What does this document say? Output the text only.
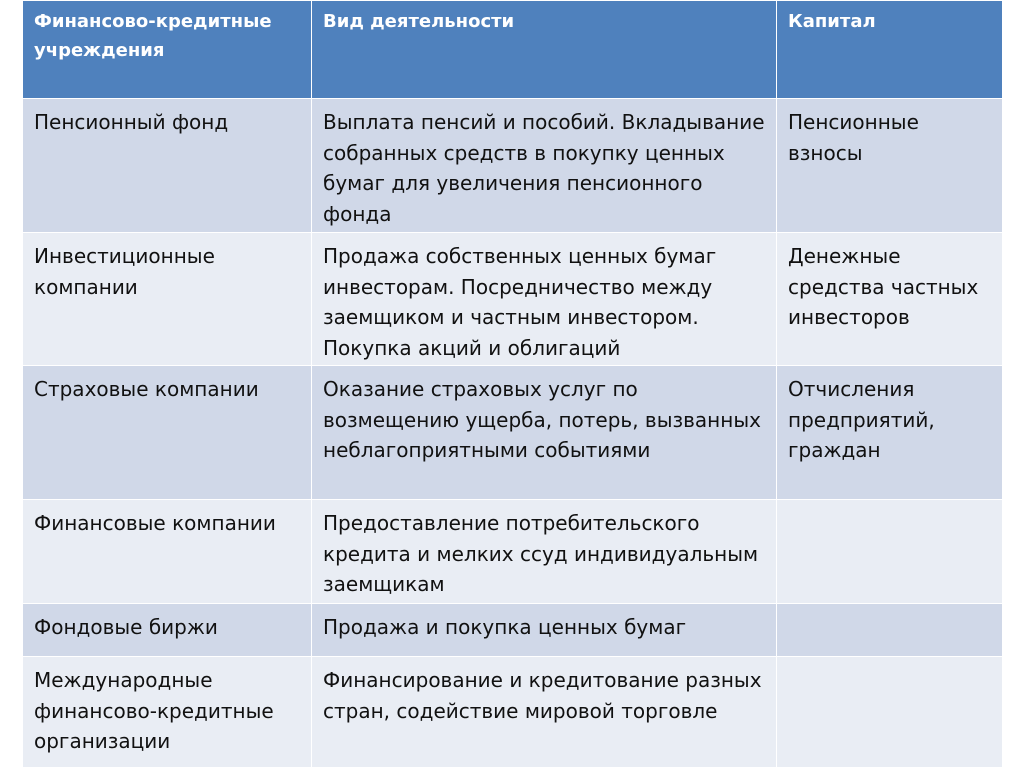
Финансово-кредитные учреждения	Вид деятельности	Капитал
Пенсионный фонд	Выплата пенсий и пособий. Вкладывание собранных средств в покупку ценных бумаг для увеличения пенсионного фонда	Пенсионные взносы
Инвестиционные компании	Продажа собственных ценных бумаг инвесторам. Посредничество между заемщиком и частным инвестором. Покупка акций и облигаций	Денежные средства частных инвесторов
Страховые компании	Оказание страховых услуг по возмещению ущерба, потерь, вызванных неблагоприятными событиями	Отчисления предприятий, граждан
Финансовые компании	Предоставление потребительского кредита и мелких ссуд индивидуальным заемщикам	
Фондовые биржи	Продажа и покупка ценных бумаг	
Международные финансово-кредитные организации	Финансирование и кредитование разных стран, содействие мировой торговле	
